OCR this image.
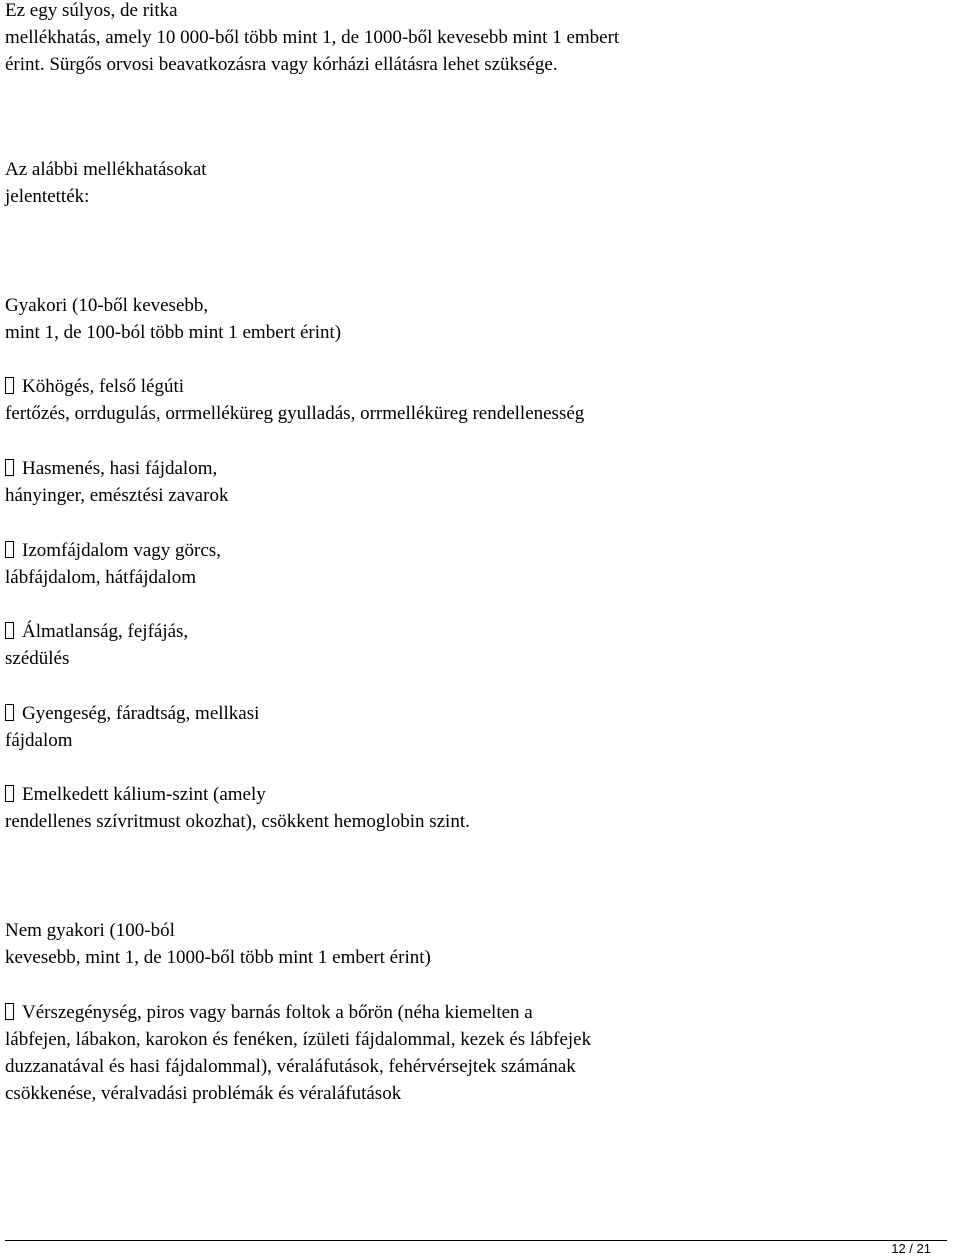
Ez egy súlyos, de ritka
mellékhatás, amely 10 000-ből több mint 1, de 1000-ből kevesebb mint 1 embert
érint. Sürgős orvosi beavatkozásra vagy kórházi ellátásra lehet szüksége.
Az alábbi mellékhatásokat
jelentették:
Gyakori (10-ből kevesebb,
mint 1, de 100-ból több mint 1 embert érint)
Köhögés, felső légúti
fertőzés, orrdugulás, orrmelléküreg gyulladás, orrmelléküreg rendellenesség
Hasmenés, hasi fájdalom,
hányinger, emésztési zavarok
Izomfájdalom vagy görcs,
lábfájdalom, hátfájdalom
Álmatlanság, fejfájás,
szédülés
Gyengeség, fáradtság, mellkasi
fájdalom
Emelkedett kálium-szint (amely
rendellenes szívritmust okozhat), csökkent hemoglobin szint.
Nem gyakori (100-ból
kevesebb, mint 1, de 1000-ből több mint 1 embert érint)
Vérszegénység, piros vagy barnás foltok a bőrön (néha kiemelten a
lábfejen, lábakon, karokon és fenéken, ízületi fájdalommal, kezek és lábfejek
duzzanatával és hasi fájdalommal), véraláfutások, fehérvérsejtek számának
csökkenése, véralvadási problémák és véraláfutások
12 / 21
